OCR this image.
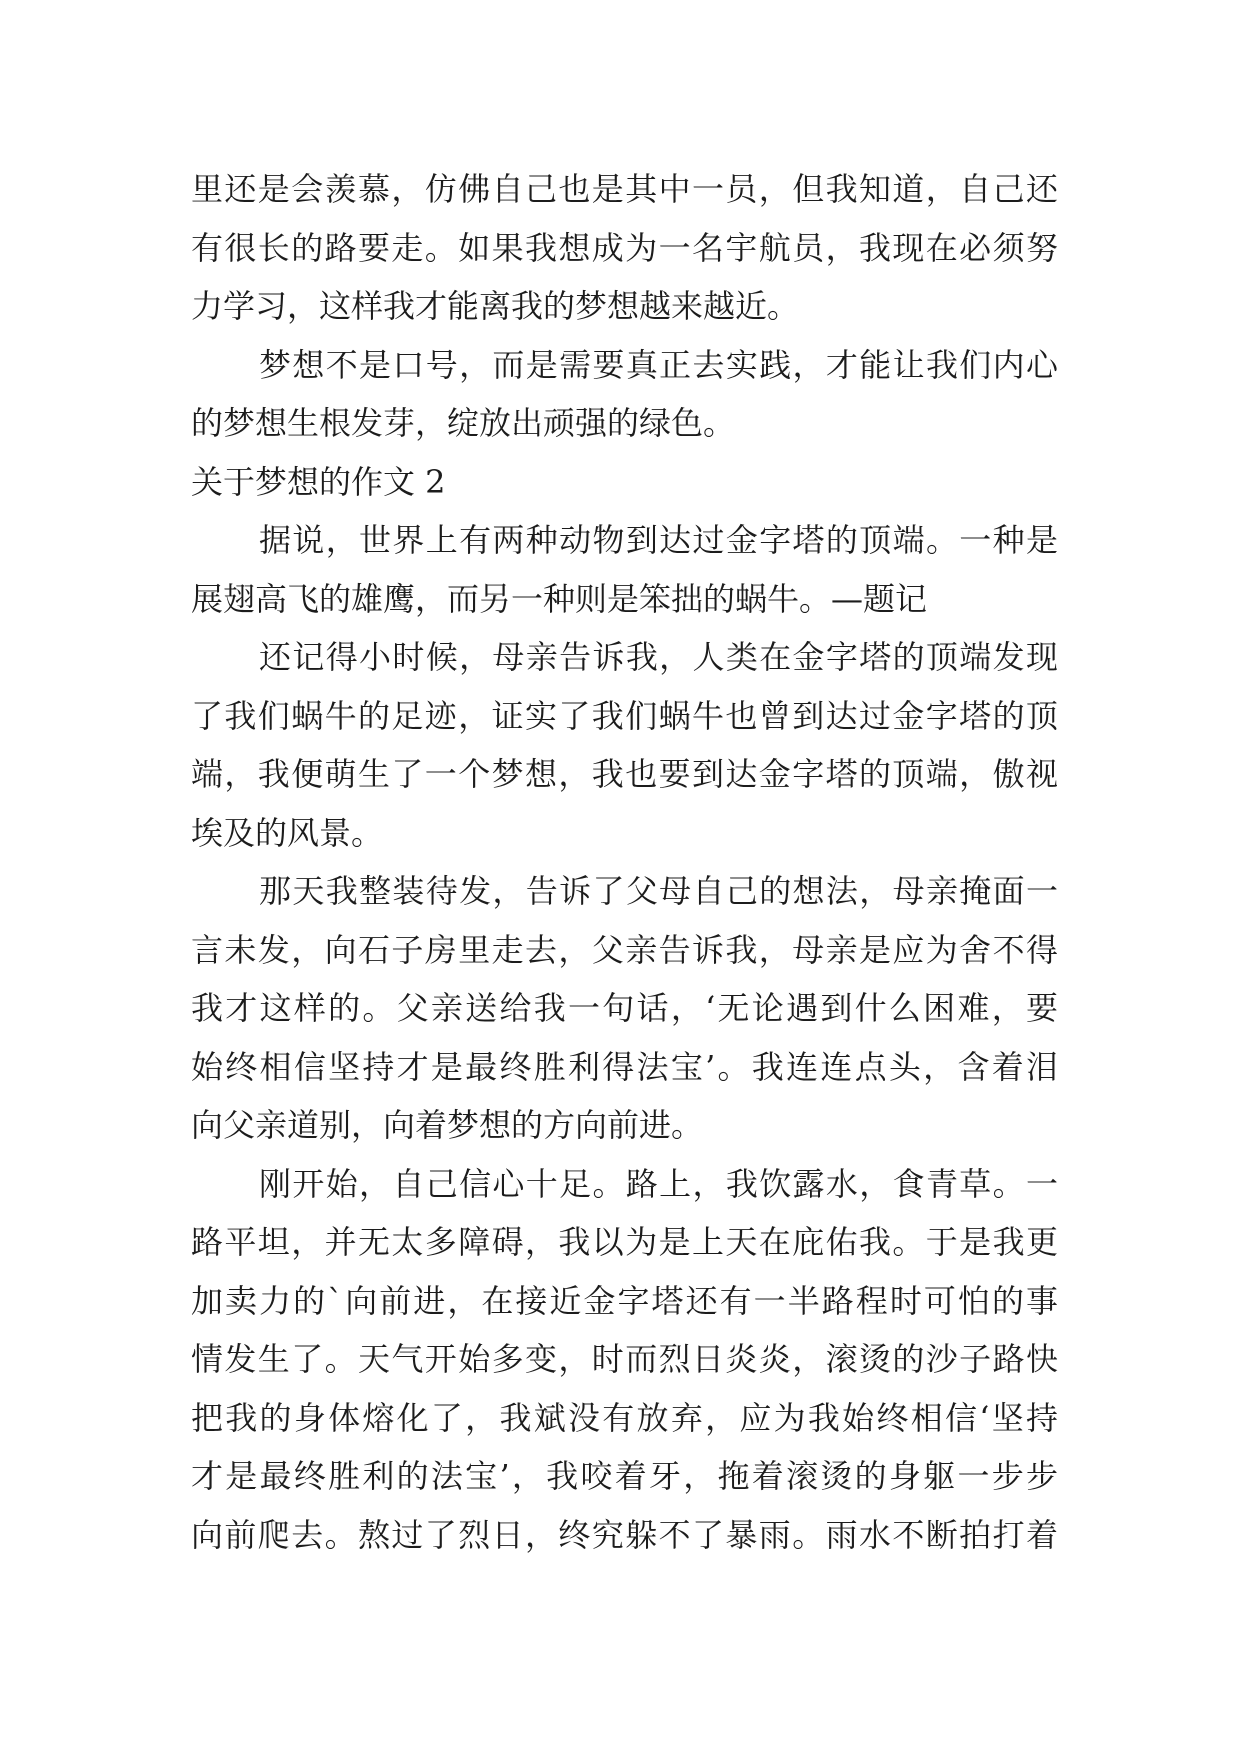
里还是会羡慕，仿佛自己也是其中一员，但我知道，自己还
有很长的路要走。如果我想成为一名宇航员，我现在必须努
力学习，这样我才能离我的梦想越来越近。
梦想不是口号，而是需要真正去实践，才能让我们内心
的梦想生根发芽，绽放出顽强的绿色。
关于梦想的作文 2
据说，世界上有两种动物到达过金字塔的顶端。一种是
展翅高飞的雄鹰，而另一种则是笨拙的蜗牛。—题记
还记得小时候，母亲告诉我，人类在金字塔的顶端发现
了我们蜗牛的足迹，证实了我们蜗牛也曾到达过金字塔的顶
端，我便萌生了一个梦想，我也要到达金字塔的顶端，傲视
埃及的风景。
那天我整装待发，告诉了父母自己的想法，母亲掩面一
言未发，向石子房里走去，父亲告诉我，母亲是应为舍不得
我才这样的。父亲送给我一句话，‘无论遇到什么困难，要
始终相信坚持才是最终胜利得法宝’。我连连点头，含着泪
向父亲道别，向着梦想的方向前进。
刚开始，自己信心十足。路上，我饮露水，食青草。一
路平坦，并无太多障碍，我以为是上天在庇佑我。于是我更
加卖力的`向前进，在接近金字塔还有一半路程时可怕的事
情发生了。天气开始多变，时而烈日炎炎，滚烫的沙子路快
把我的身体熔化了，我斌没有放弃，应为我始终相信‘坚持
才是最终胜利的法宝’，我咬着牙，拖着滚烫的身躯一步步
向前爬去。熬过了烈日，终究躲不了暴雨。雨水不断拍打着
